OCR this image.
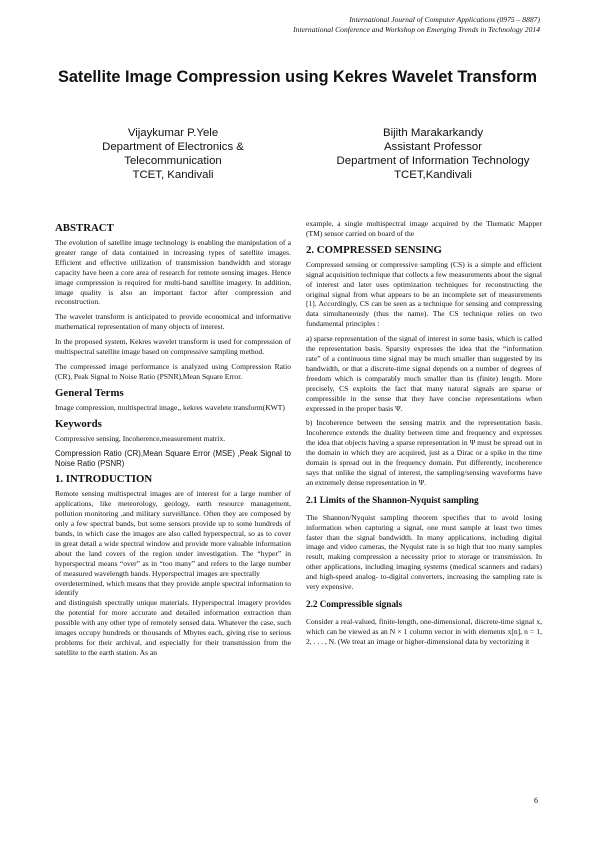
International Journal of Computer Applications (0975 – 8887)
International Conference and Workshop on Emerging Trends in Technology 2014
Satellite Image Compression using Kekres Wavelet Transform
Vijaykumar P.Yele
Department of Electronics &
Telecommunication
TCET, Kandivali
Bijith Marakarkandy
Assistant Professor
Department of Information Technology
TCET,Kandivali
ABSTRACT

The evolution of satellite image technology is enabling the manipulation of a greater range of data contained in increasing types of satellite images. Efficient and effective utilization of transmission bandwidth and storage capacity have been a core area of research for remote sensing images. Hence image compression is required for multi-band satellite imagery. In addition, image quality is also an important factor after compression and reconstruction.

The wavelet transform is anticipated to provide economical and informative mathematical representation of many objects of interest.

In the proposed system, Kekres wavelet transform is used for compression of multispectral satellite image based on compressive sampling method.

The compressed image performance is analyzed using Compression Ratio (CR), Peak Signal to Noise Ratio (PSNR),Mean Square Error.

General Terms

Image compression, multispectral image,, kekres wavelete transform(KWT)

Keywords

Compressive sensing, Incoherence,measurement matrix.

Compression Ratio (CR),Mean Square Error (MSE) ,Peak Signal to Noise Ratio (PSNR)

1. INTRODUCTION

Remote sensing multispectral images are of interest for a large number of applications, like meteorology, geology, earth resource management, pollution monitoring ,and military surveillance. Often they are composed by only a few spectral bands, but some sensors provide up to some hundreds of bands, in which case the images are also called hyperspectral, so as to cover in great detail a wide spectral window and provide more valuable information about the land covers of the region under investigation. The “hyper” in hyperspectral means “over” as in “too many” and refers to the large number of measured wavelength bands. Hyperspectral images are spectrally

overdetermined, which means that they provide ample spectral information to identify

and distinguish spectrally unique materials. Hyperspectral imagery provides the potential for more accurate and detailed information extraction than possible with any other type of remotely sensed data. Whatever the case, such images occupy hundreds or thousands of Mbytes each, giving rise to serious problems for their archival, and especially for their transmission from the satellite to the earth station. As an

example, a single multispectral image acquired by the Thematic Mapper (TM) sensor carried on board of the

2. COMPRESSED SENSING

Compressed sensing or compressive sampling (CS) is a simple and efficient signal acquisition technique that collects a few measurements about the signal of interest and later uses optimization techniques for reconstructing the original signal from what appears to be an incomplete set of measurements [1]. Accordingly, CS can be seen as a technique for sensing and compressing data simultaneously (thus the name). The CS technique relies on two fundamental principles :

a) sparse representation of the signal of interest in some basis, which is called the representation basis. Sparsity expresses the idea that the “information rate” of a continuous time signal may be much smaller than suggested by its bandwidth, or that a discrete-time signal depends on a number of degrees of freedom which is comparably much smaller than its (finite) length. More precisely, CS exploits the fact that many natural signals are sparse or compressible in the sense that they have concise representations when expressed in the proper basis Ψ.

b) Incoherence between the sensing matrix and the representation basis. Incoherence extends the duality between time and frequency and expresses the idea that objects having a sparse representation in Ψ must be spread out in the domain in which they are acquired, just as a Dirac or a spike in the time domain is spread out in the frequency domain. Put differently, incoherence says that unlike the signal of interest, the sampling/sensing waveforms have an extremely dense representation in Ψ.

2.1 Limits of the Shannon-Nyquist sampling

The Shannon/Nyquist sampling theorem specifies that to avoid losing information when capturing a signal, one must sample at least two times faster than the signal bandwidth. In many applications, including digital image and video cameras, the Nyquist rate is so high that too many samples result, making compression a necessity prior to storage or transmission. In other applications, including imaging systems (medical scanners and radars) and high-speed analog- to-digital converters, increasing the sampling rate is very expensive.

2.2 Compressible signals

Consider a real-valued, finite-length, one-dimensional, discrete-time signal x, which can be viewed as an N × 1 column vector in with elements x[n], n = 1, 2, . . . , N. (We treat an image or higher-dimensional data by vectorizing it

6
